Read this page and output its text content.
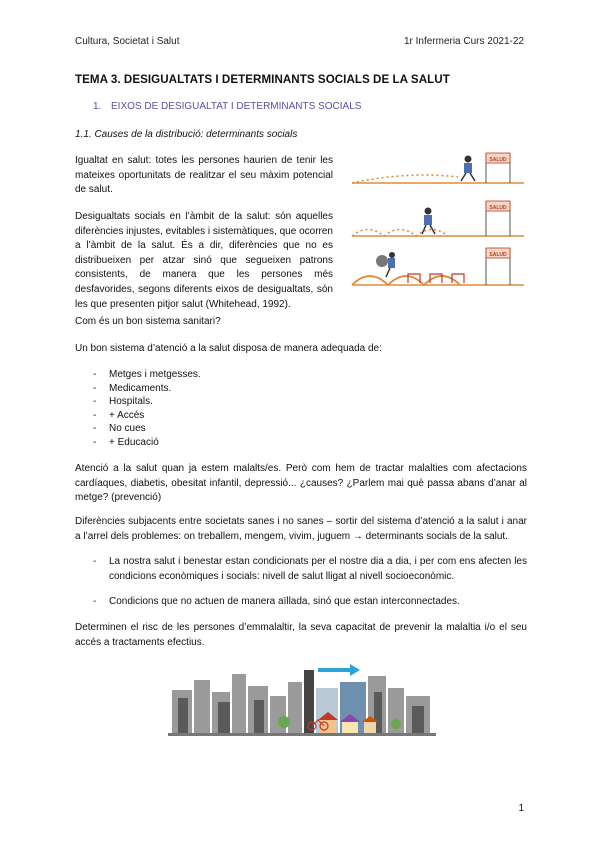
Cultura, Societat i Salut	1r Infermeria Curs 2021-22
TEMA 3. DESIGUALTATS I DETERMINANTS SOCIALS DE LA SALUT
1. EIXOS DE DESIGUALTAT I DETERMINANTS SOCIALS
1.1. Causes de la distribució: determinants socials
Igualtat en salut: totes les persones haurien de tenir les mateixes oportunitats de realitzar el seu màxim potencial de salut.
Desigualtats socials en l’àmbit de la salut: són aquelles diferències injustes, evitables i sistemàtiques, que ocorren a l’àmbit de la salut. És a dir, diferències que no es distribueixen per atzar sinó que segueixen patrons consistents, de manera que les persones més desfavorides, segons diferents eixos de desigualtats, són les que presenten pitjor salut (Whitehead, 1992).
SALUD
SALUD
SALUD
Com és un bon sistema sanitari?
Un bon sistema d’atenció a la salut disposa de manera adequada de:
- Metges i metgesses.
- Medicaments.
- Hospitals.
- + Accés
- No cues
- + Educació
Atenció a la salut quan ja estem malalts/es. Però com hem de tractar malalties com afectacions cardíaques, diabetis, obesitat infantil, depressió... ¿causes? ¿Parlem mai què passa abans d’anar al metge? (prevenció)
Diferències subjacents entre societats sanes i no sanes – sortir del sistema d’atenció a la salut i anar a l’arrel dels problemes: on treballem, mengem, vivim, juguem → determinants socials de la salut.
- La nostra salut i benestar estan condicionats per el nostre dia a dia, i per com ens afecten les condicions econòmiques i socials: nivell de salut lligat al nivell socioeconòmic.
- Condicions que no actuen de manera aïllada, sinó que estan interconnectades.
Determinen el risc de les persones d’emmalaltir, la seva capacitat de prevenir la malaltia i/o el seu accés a tractaments efectius.
1
